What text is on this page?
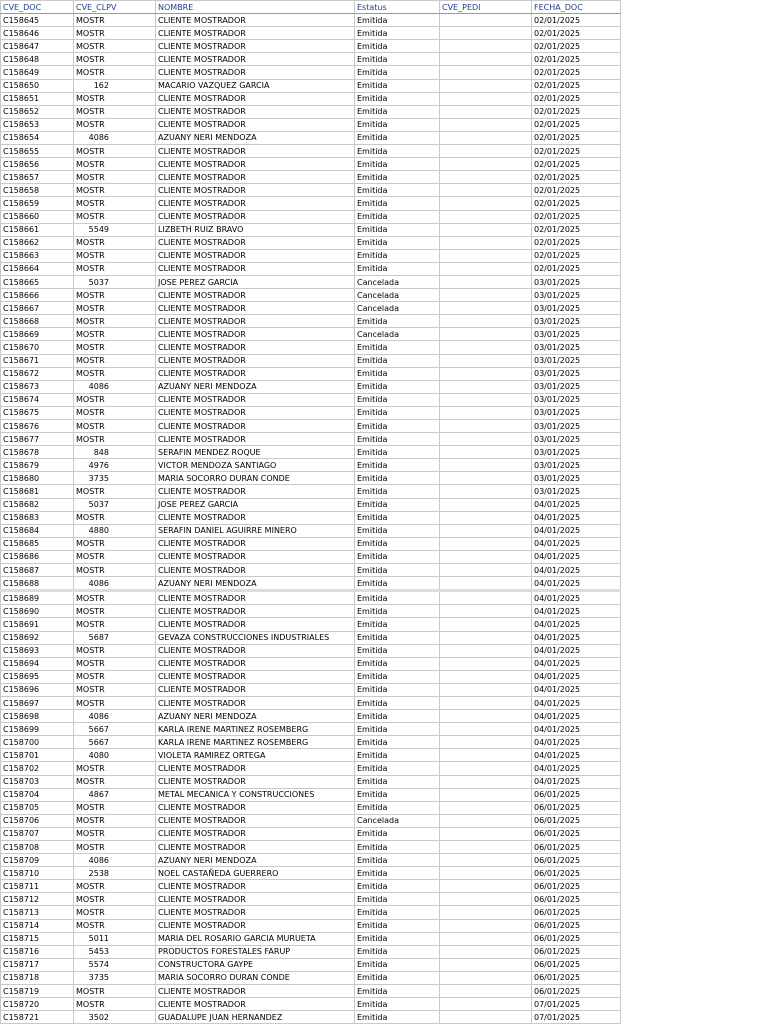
CVE_DOC	CVE_CLPV	NOMBRE	Estatus	CVE_PEDI	FECHA_DOC
C158645	MOSTR	CLIENTE MOSTRADOR	Emitida		02/01/2025
C158646	MOSTR	CLIENTE MOSTRADOR	Emitida		02/01/2025
C158647	MOSTR	CLIENTE MOSTRADOR	Emitida		02/01/2025
C158648	MOSTR	CLIENTE MOSTRADOR	Emitida		02/01/2025
C158649	MOSTR	CLIENTE MOSTRADOR	Emitida		02/01/2025
C158650	162	MACARIO VAZQUEZ GARCIA	Emitida		02/01/2025
C158651	MOSTR	CLIENTE MOSTRADOR	Emitida		02/01/2025
C158652	MOSTR	CLIENTE MOSTRADOR	Emitida		02/01/2025
C158653	MOSTR	CLIENTE MOSTRADOR	Emitida		02/01/2025
C158654	4086	AZUANY NERI MENDOZA	Emitida		02/01/2025
C158655	MOSTR	CLIENTE MOSTRADOR	Emitida		02/01/2025
C158656	MOSTR	CLIENTE MOSTRADOR	Emitida		02/01/2025
C158657	MOSTR	CLIENTE MOSTRADOR	Emitida		02/01/2025
C158658	MOSTR	CLIENTE MOSTRADOR	Emitida		02/01/2025
C158659	MOSTR	CLIENTE MOSTRADOR	Emitida		02/01/2025
C158660	MOSTR	CLIENTE MOSTRADOR	Emitida		02/01/2025
C158661	5549	LIZBETH RUIZ BRAVO	Emitida		02/01/2025
C158662	MOSTR	CLIENTE MOSTRADOR	Emitida		02/01/2025
C158663	MOSTR	CLIENTE MOSTRADOR	Emitida		02/01/2025
C158664	MOSTR	CLIENTE MOSTRADOR	Emitida		02/01/2025
C158665	5037	JOSE PEREZ GARCIA	Cancelada		03/01/2025
C158666	MOSTR	CLIENTE MOSTRADOR	Cancelada		03/01/2025
C158667	MOSTR	CLIENTE MOSTRADOR	Cancelada		03/01/2025
C158668	MOSTR	CLIENTE MOSTRADOR	Emitida		03/01/2025
C158669	MOSTR	CLIENTE MOSTRADOR	Cancelada		03/01/2025
C158670	MOSTR	CLIENTE MOSTRADOR	Emitida		03/01/2025
C158671	MOSTR	CLIENTE MOSTRADOR	Emitida		03/01/2025
C158672	MOSTR	CLIENTE MOSTRADOR	Emitida		03/01/2025
C158673	4086	AZUANY NERI MENDOZA	Emitida		03/01/2025
C158674	MOSTR	CLIENTE MOSTRADOR	Emitida		03/01/2025
C158675	MOSTR	CLIENTE MOSTRADOR	Emitida		03/01/2025
C158676	MOSTR	CLIENTE MOSTRADOR	Emitida		03/01/2025
C158677	MOSTR	CLIENTE MOSTRADOR	Emitida		03/01/2025
C158678	848	SERAFIN MENDEZ ROQUE	Emitida		03/01/2025
C158679	4976	VICTOR MENDOZA SANTIAGO	Emitida		03/01/2025
C158680	3735	MARIA SOCORRO DURAN CONDE	Emitida		03/01/2025
C158681	MOSTR	CLIENTE MOSTRADOR	Emitida		03/01/2025
C158682	5037	JOSE PEREZ GARCIA	Emitida		04/01/2025
C158683	MOSTR	CLIENTE MOSTRADOR	Emitida		04/01/2025
C158684	4880	SERAFIN DANIEL AGUIRRE MINERO	Emitida		04/01/2025
C158685	MOSTR	CLIENTE MOSTRADOR	Emitida		04/01/2025
C158686	MOSTR	CLIENTE MOSTRADOR	Emitida		04/01/2025
C158687	MOSTR	CLIENTE MOSTRADOR	Emitida		04/01/2025
C158688	4086	AZUANY NERI MENDOZA	Emitida		04/01/2025
C158689	MOSTR	CLIENTE MOSTRADOR	Emitida		04/01/2025
C158690	MOSTR	CLIENTE MOSTRADOR	Emitida		04/01/2025
C158691	MOSTR	CLIENTE MOSTRADOR	Emitida		04/01/2025
C158692	5687	GEVAZA CONSTRUCCIONES INDUSTRIALES	Emitida		04/01/2025
C158693	MOSTR	CLIENTE MOSTRADOR	Emitida		04/01/2025
C158694	MOSTR	CLIENTE MOSTRADOR	Emitida		04/01/2025
C158695	MOSTR	CLIENTE MOSTRADOR	Emitida		04/01/2025
C158696	MOSTR	CLIENTE MOSTRADOR	Emitida		04/01/2025
C158697	MOSTR	CLIENTE MOSTRADOR	Emitida		04/01/2025
C158698	4086	AZUANY NERI MENDOZA	Emitida		04/01/2025
C158699	5667	KARLA IRENE MARTINEZ ROSEMBERG	Emitida		04/01/2025
C158700	5667	KARLA IRENE MARTINEZ ROSEMBERG	Emitida		04/01/2025
C158701	4080	VIOLETA RAMIREZ ORTEGA	Emitida		04/01/2025
C158702	MOSTR	CLIENTE MOSTRADOR	Emitida		04/01/2025
C158703	MOSTR	CLIENTE MOSTRADOR	Emitida		04/01/2025
C158704	4867	METAL MECANICA Y CONSTRUCCIONES	Emitida		06/01/2025
C158705	MOSTR	CLIENTE MOSTRADOR	Emitida		06/01/2025
C158706	MOSTR	CLIENTE MOSTRADOR	Cancelada		06/01/2025
C158707	MOSTR	CLIENTE MOSTRADOR	Emitida		06/01/2025
C158708	MOSTR	CLIENTE MOSTRADOR	Emitida		06/01/2025
C158709	4086	AZUANY NERI MENDOZA	Emitida		06/01/2025
C158710	2538	NOEL CASTAÑEDA GUERRERO	Emitida		06/01/2025
C158711	MOSTR	CLIENTE MOSTRADOR	Emitida		06/01/2025
C158712	MOSTR	CLIENTE MOSTRADOR	Emitida		06/01/2025
C158713	MOSTR	CLIENTE MOSTRADOR	Emitida		06/01/2025
C158714	MOSTR	CLIENTE MOSTRADOR	Emitida		06/01/2025
C158715	5011	MARIA DEL ROSARIO GARCIA MURUETA	Emitida		06/01/2025
C158716	5453	PRODUCTOS FORESTALES FARUP	Emitida		06/01/2025
C158717	5574	CONSTRUCTORA GAYPE	Emitida		06/01/2025
C158718	3735	MARIA SOCORRO DURAN CONDE	Emitida		06/01/2025
C158719	MOSTR	CLIENTE MOSTRADOR	Emitida		06/01/2025
C158720	MOSTR	CLIENTE MOSTRADOR	Emitida		07/01/2025
C158721	3502	GUADALUPE JUAN HERNANDEZ	Emitida		07/01/2025
